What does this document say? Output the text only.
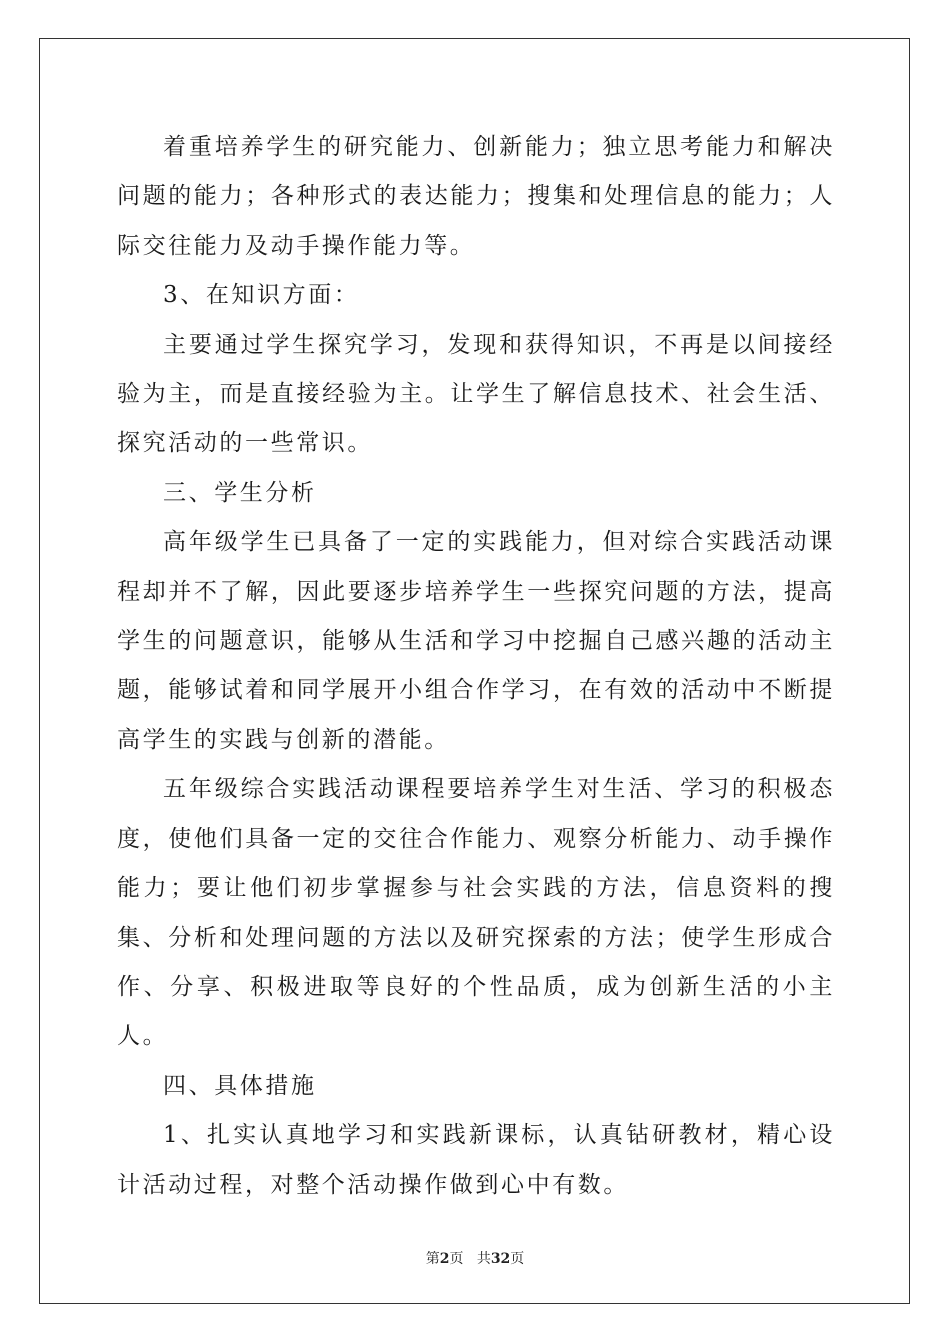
着重培养学生的研究能力、创新能力；独立思考能力和解决问题的能力；各种形式的表达能力；搜集和处理信息的能力；人际交往能力及动手操作能力等。

3、在知识方面：

主要通过学生探究学习，发现和获得知识，不再是以间接经验为主，而是直接经验为主。让学生了解信息技术、社会生活、探究活动的一些常识。

三、学生分析

高年级学生已具备了一定的实践能力，但对综合实践活动课程却并不了解，因此要逐步培养学生一些探究问题的方法，提高学生的问题意识，能够从生活和学习中挖掘自己感兴趣的活动主题，能够试着和同学展开小组合作学习，在有效的活动中不断提高学生的实践与创新的潜能。

五年级综合实践活动课程要培养学生对生活、学习的积极态度，使他们具备一定的交往合作能力、观察分析能力、动手操作能力；要让他们初步掌握参与社会实践的方法，信息资料的搜集、分析和处理问题的方法以及研究探索的方法；使学生形成合作、分享、积极进取等良好的个性品质，成为创新生活的小主人。

四、具体措施

1、扎实认真地学习和实践新课标，认真钻研教材，精心设计活动过程，对整个活动操作做到心中有数。

第2页 共32页
